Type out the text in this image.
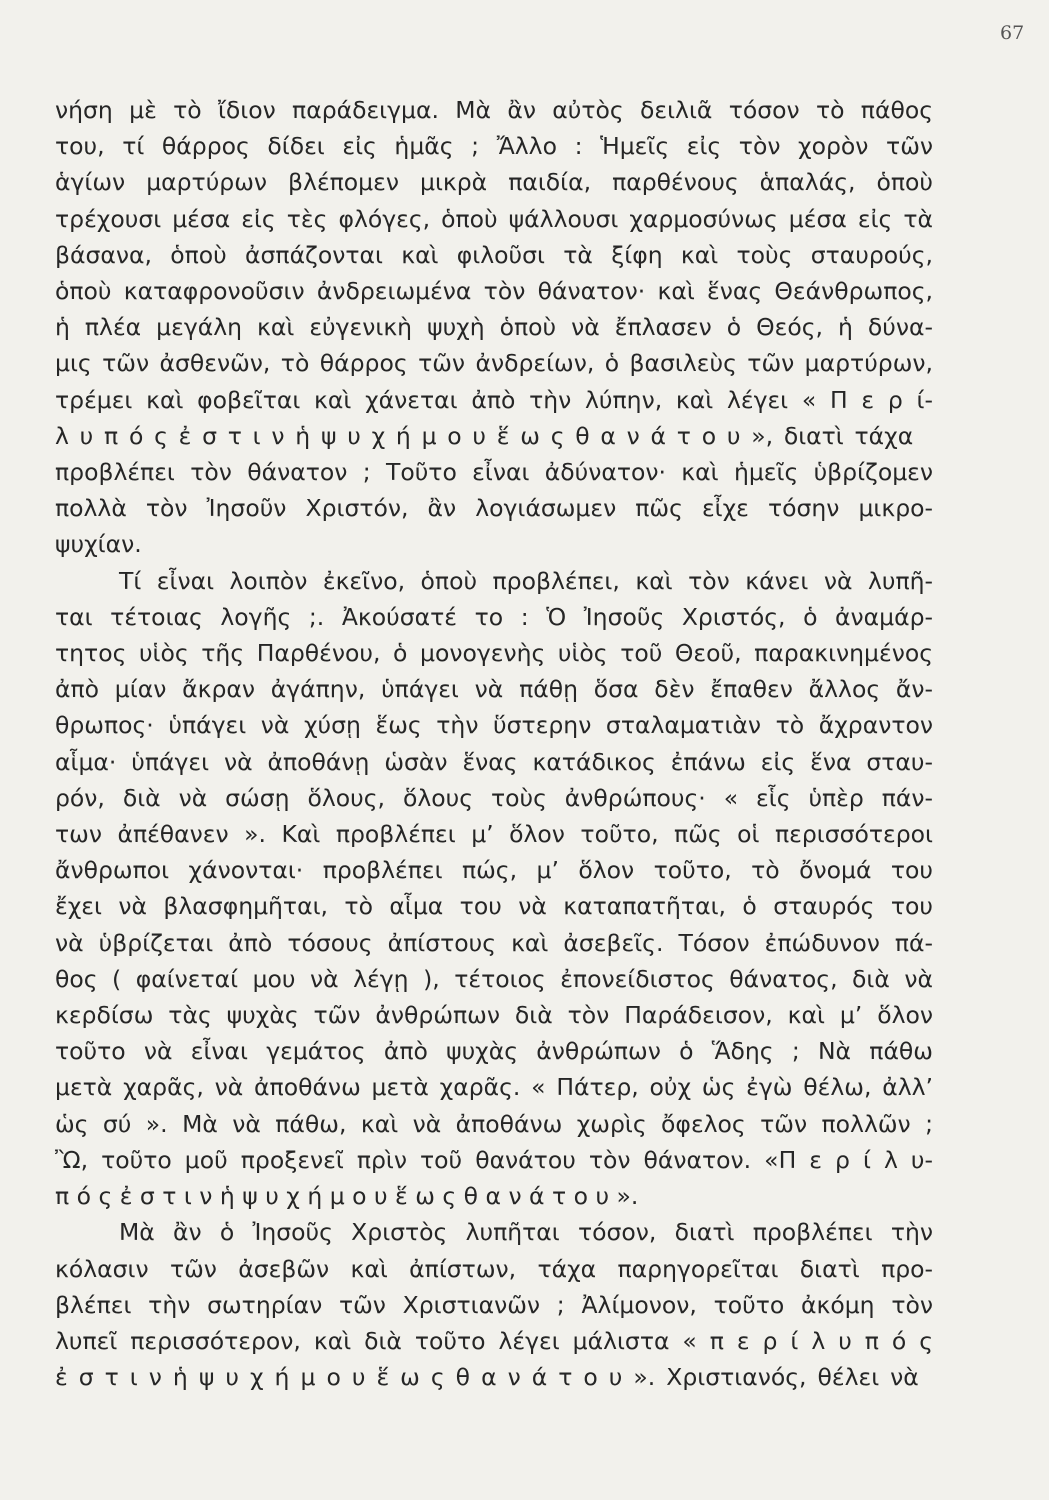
67
νήση μὲ τὸ ἴδιον παράδειγμα. Μὰ ἂν αὐτὸς δειλιᾶ τόσον τὸ πάθος
του, τί θάρρος δίδει εἰς ἡμᾶς ; Ἄλλο : Ἡμεῖς εἰς τὸν χορὸν τῶν
ἁγίων μαρτύρων βλέπομεν μικρὰ παιδία, παρθένους ἁπαλάς, ὁποὺ
τρέχουσι μέσα εἰς τὲς φλόγες, ὁποὺ ψάλλουσι χαρμοσύνως μέσα εἰς τὰ
βάσανα, ὁποὺ ἀσπάζονται καὶ φιλοῦσι τὰ ξίφη καὶ τοὺς σταυρούς,
ὁποὺ καταφρονοῦσιν ἀνδρειωμένα τὸν θάνατον· καὶ ἕνας Θεάνθρωπος,
ἡ πλέα μεγάλη καὶ εὐγενικὴ ψυχὴ ὁποὺ νὰ ἔπλασεν ὁ Θεός, ἡ δύνα-
μις τῶν ἀσθενῶν, τὸ θάρρος τῶν ἀνδρείων, ὁ βασιλεὺς τῶν μαρτύρων,
τρέμει καὶ φοβεῖται καὶ χάνεται ἀπὸ τὴν λύπην, καὶ λέγει « Π ε ρ ί-
λ υ π ό ς ἐ σ τ ι ν ἡ ψ υ χ ή μ ο υ ἕ ω ς θ α ν ά τ ο υ », διατὶ τάχα
προβλέπει τὸν θάνατον ; Τοῦτο εἶναι ἀδύνατον· καὶ ἡμεῖς ὑβρίζομεν
πολλὰ τὸν Ἰησοῦν Χριστόν, ἂν λογιάσωμεν πῶς εἶχε τόσην μικρο-
ψυχίαν.
Τί εἶναι λοιπὸν ἐκεῖνο, ὁποὺ προβλέπει, καὶ τὸν κάνει νὰ λυπῆ-
ται τέτοιας λογῆς ;. Ἀκούσατέ το : Ὁ Ἰησοῦς Χριστός, ὁ ἀναμάρ-
τητος υἱὸς τῆς Παρθένου, ὁ μονογενὴς υἱὸς τοῦ Θεοῦ, παρακινημένος
ἀπὸ μίαν ἄκραν ἀγάπην, ὑπάγει νὰ πάθῃ ὅσα δὲν ἔπαθεν ἄλλος ἄν-
θρωπος· ὑπάγει νὰ χύσῃ ἕως τὴν ὕστερην σταλαματιὰν τὸ ἄχραντον
αἷμα· ὑπάγει νὰ ἀποθάνῃ ὡσὰν ἕνας κατάδικος ἐπάνω εἰς ἕνα σταυ-
ρόν, διὰ νὰ σώσῃ ὅλους, ὅλους τοὺς ἀνθρώπους· « εἷς ὑπὲρ πάν-
των ἀπέθανεν ». Καὶ προβλέπει μ’ ὅλον τοῦτο, πῶς οἱ περισσότεροι
ἄνθρωποι χάνονται· προβλέπει πώς, μ’ ὅλον τοῦτο, τὸ ὄνομά του
ἔχει νὰ βλασφημῆται, τὸ αἷμα του νὰ καταπατῆται, ὁ σταυρός του
νὰ ὑβρίζεται ἀπὸ τόσους ἀπίστους καὶ ἀσεβεῖς. Τόσον ἐπώδυνον πά-
θος ( φαίνεταί μου νὰ λέγῃ ), τέτοιος ἐπονείδιστος θάνατος, διὰ νὰ
κερδίσω τὰς ψυχὰς τῶν ἀνθρώπων διὰ τὸν Παράδεισον, καὶ μ’ ὅλον
τοῦτο νὰ εἶναι γεμάτος ἀπὸ ψυχὰς ἀνθρώπων ὁ Ἅδης ; Νὰ πάθω
μετὰ χαρᾶς, νὰ ἀποθάνω μετὰ χαρᾶς. « Πάτερ, οὐχ ὡς ἐγὼ θέλω, ἀλλ’
ὡς σύ ». Μὰ νὰ πάθω, καὶ νὰ ἀποθάνω χωρὶς ὄφελος τῶν πολλῶν ;
Ὢ, τοῦτο μοῦ προξενεῖ πρὶν τοῦ θανάτου τὸν θάνατον. «Π ε ρ ί λ υ-
π ό ς ἐ σ τ ι ν ἡ ψ υ χ ή μ ο υ ἕ ω ς θ α ν ά τ ο υ ».
Μὰ ἂν ὁ Ἰησοῦς Χριστὸς λυπῆται τόσον, διατὶ προβλέπει τὴν
κόλασιν τῶν ἀσεβῶν καὶ ἀπίστων, τάχα παρηγορεῖται διατὶ προ-
βλέπει τὴν σωτηρίαν τῶν Χριστιανῶν ; Ἀλίμονον, τοῦτο ἀκόμη τὸν
λυπεῖ περισσότερον, καὶ διὰ τοῦτο λέγει μάλιστα « π ε ρ ί λ υ π ό ς
ἐ σ τ ι ν ἡ ψ υ χ ή μ ο υ ἕ ω ς θ α ν ά τ ο υ ». Χριστιανός, θέλει νὰ
